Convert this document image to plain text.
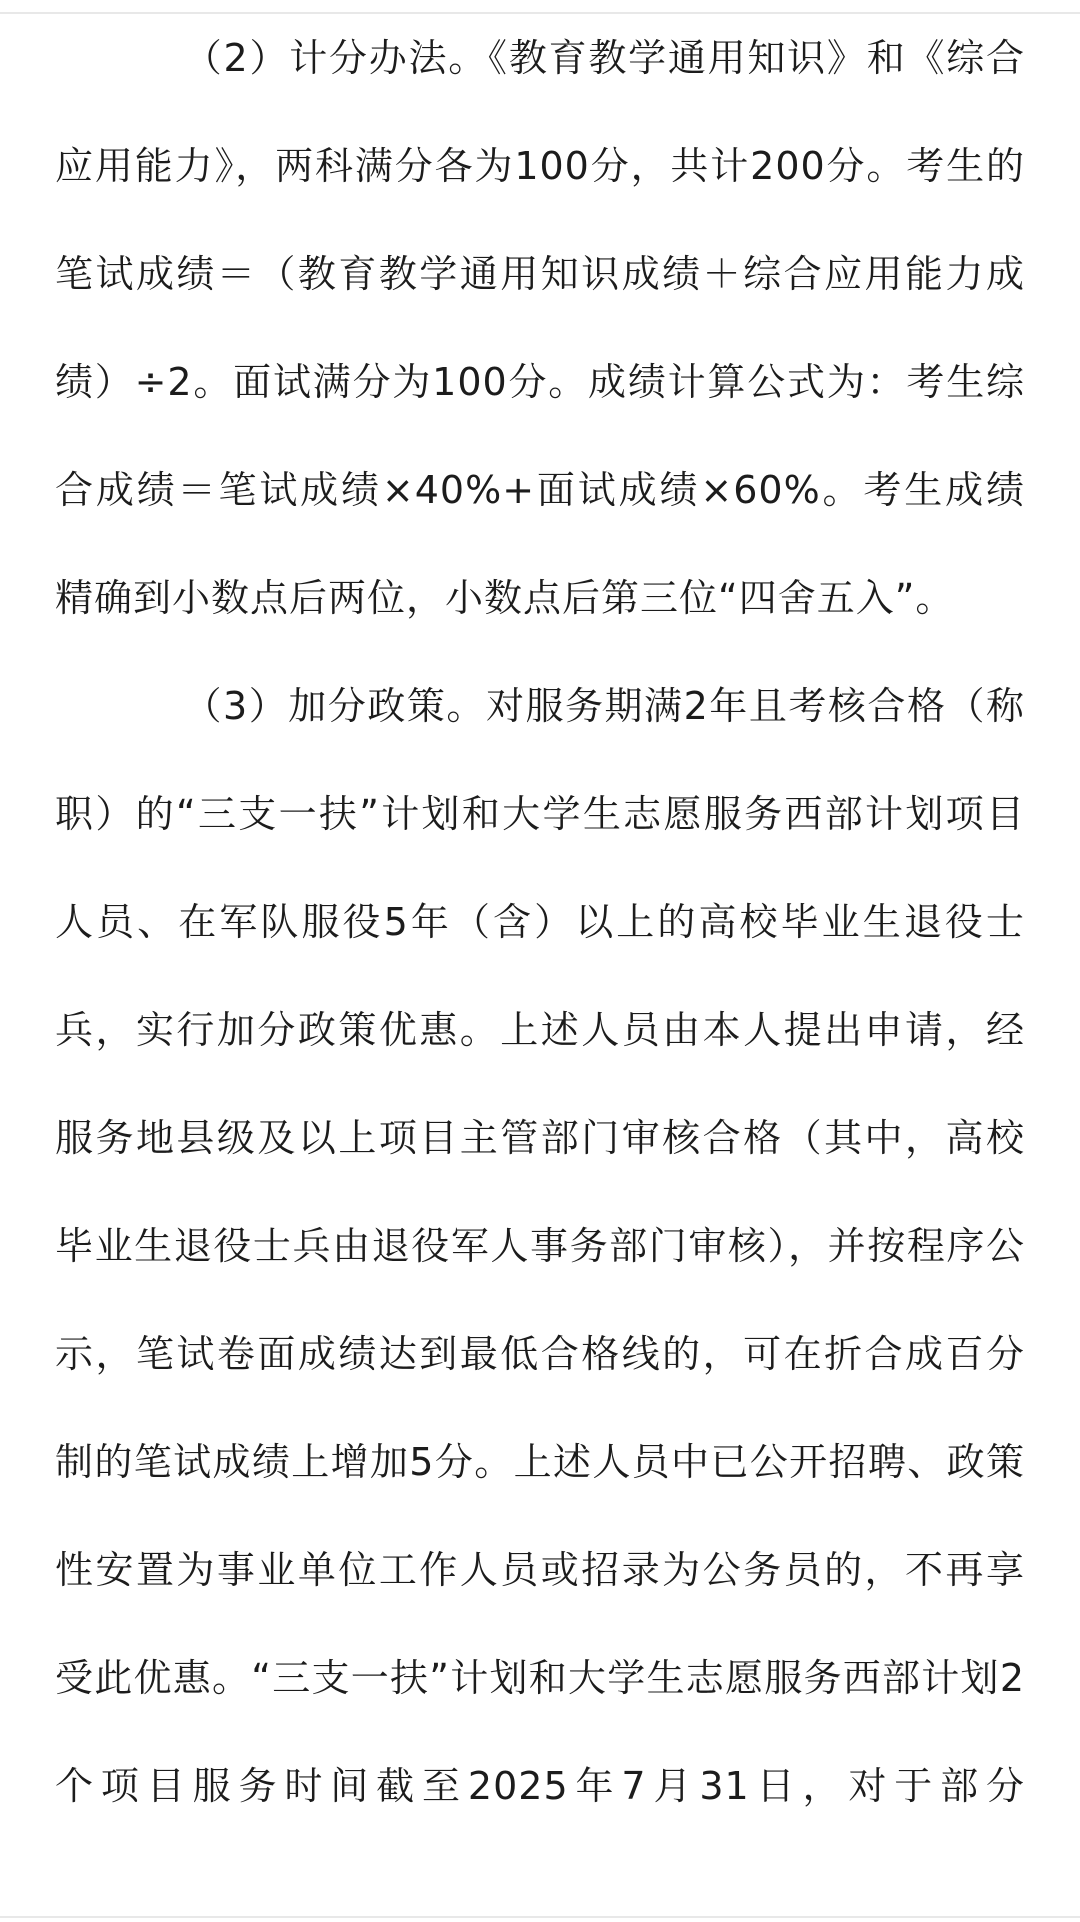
（2）计分办法。《教育教学通用知识》和《综合应用能力》，两科满分各为100分，共计200分。考生的笔试成绩＝（教育教学通用知识成绩＋综合应用能力成绩）÷2。面试满分为100分。成绩计算公式为：考生综合成绩＝笔试成绩×40%+面试成绩×60%。考生成绩精确到小数点后两位，小数点后第三位“四舍五入”。

（3）加分政策。对服务期满2年且考核合格（称职）的“三支一扶”计划和大学生志愿服务西部计划项目人员、在军队服役5年（含）以上的高校毕业生退役士兵，实行加分政策优惠。上述人员由本人提出申请，经服务地县级及以上项目主管部门审核合格（其中，高校毕业生退役士兵由退役军人事务部门审核），并按程序公示，笔试卷面成绩达到最低合格线的，可在折合成百分制的笔试成绩上增加5分。上述人员中已公开招聘、政策性安置为事业单位工作人员或招录为公务员的，不再享受此优惠。“三支一扶”计划和大学生志愿服务西部计划2个项目服务时间截至2025年7月31日，对于部分
